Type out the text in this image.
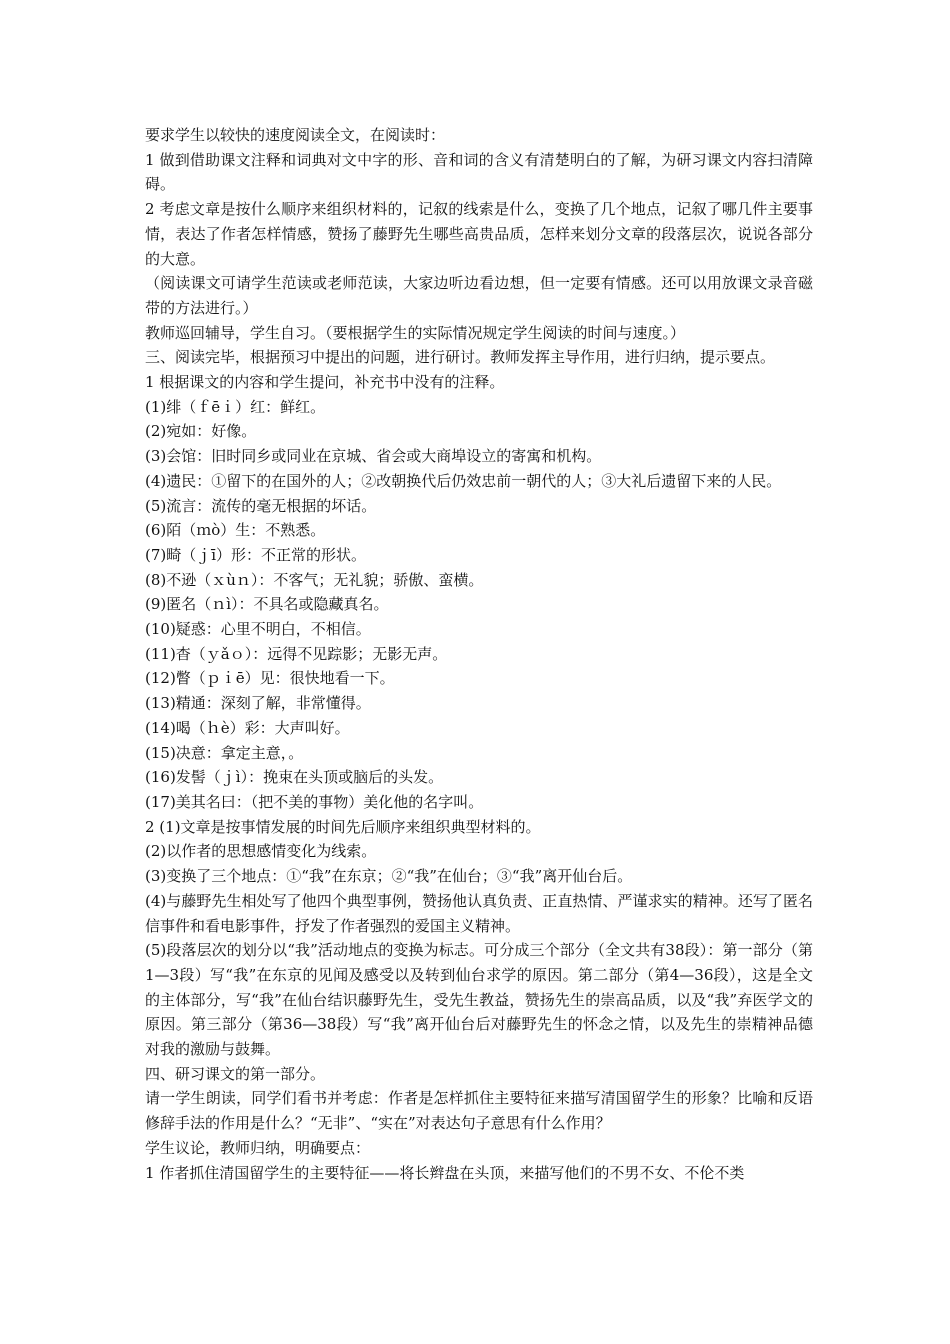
要求学生以较快的速度阅读全文，在阅读时：

1 做到借助课文注释和词典对文中字的形、音和词的含义有清楚明白的了解，为研习课文内容扫清障碍。

2 考虑文章是按什么顺序来组织材料的，记叙的线索是什么，变换了几个地点，记叙了哪几件主要事情，表达了作者怎样情感，赞扬了藤野先生哪些高贵品质，怎样来划分文章的段落层次，说说各部分的大意。

（阅读课文可请学生范读或老师范读，大家边听边看边想，但一定要有情感。还可以用放课文录音磁带的方法进行。）

教师巡回辅导，学生自习。（要根据学生的实际情况规定学生阅读的时间与速度。）

三、阅读完毕，根据预习中提出的问题，进行研讨。教师发挥主导作用，进行归纳，提示要点。

1 根据课文的内容和学生提问，补充书中没有的注释。

(1)绯（ｆēｉ）红：鲜红。

(2)宛如：好像。

(3)会馆：旧时同乡或同业在京城、省会或大商埠设立的寄寓和机构。

(4)遗民：①留下的在国外的人；②改朝换代后仍效忠前一朝代的人；③大礼后遗留下来的人民。

(5)流言：流传的毫无根据的坏话。

(6)陌（ｍò）生：不熟悉。

(7)畸（ｊī）形：不正常的形状。

(8)不逊（ｘùｎ）：不客气；无礼貌；骄傲、蛮横。

(9)匿名（ｎì）：不具名或隐藏真名。

(10)疑惑：心里不明白，不相信。

(11)杳（ｙǎｏ）：远得不见踪影；无影无声。

(12)瞥（ｐｉē）见：很快地看一下。

(13)精通：深刻了解，非常懂得。

(14)喝（ｈè）彩：大声叫好。

(15)决意：拿定主意，。

(16)发髻（ｊì）：挽束在头顶或脑后的头发。

(17)美其名曰：（把不美的事物）美化他的名字叫。

2 (1)文章是按事情发展的时间先后顺序来组织典型材料的。

(2)以作者的思想感情变化为线索。

(3)变换了三个地点：①“我”在东京；②“我”在仙台；③“我”离开仙台后。

(4)与藤野先生相处写了他四个典型事例，赞扬他认真负责、正直热情、严谨求实的精神。还写了匿名信事件和看电影事件，抒发了作者强烈的爱国主义精神。

(5)段落层次的划分以“我”活动地点的变换为标志。可分成三个部分（全文共有38段）：第一部分（第1—3段）写“我”在东京的见闻及感受以及转到仙台求学的原因。第二部分（第4—36段），这是全文的主体部分，写“我”在仙台结识藤野先生，受先生教益，赞扬先生的崇高品质，以及“我”弃医学文的原因。第三部分（第36—38段）写“我”离开仙台后对藤野先生的怀念之情，以及先生的崇精神品德对我的激励与鼓舞。

四、研习课文的第一部分。

请一学生朗读，同学们看书并考虑：作者是怎样抓住主要特征来描写清国留学生的形象？比喻和反语修辞手法的作用是什么？“无非”、“实在”对表达句子意思有什么作用？

学生议论，教师归纳，明确要点：

1 作者抓住清国留学生的主要特征——将长辫盘在头顶，来描写他们的不男不女、不伦不类
